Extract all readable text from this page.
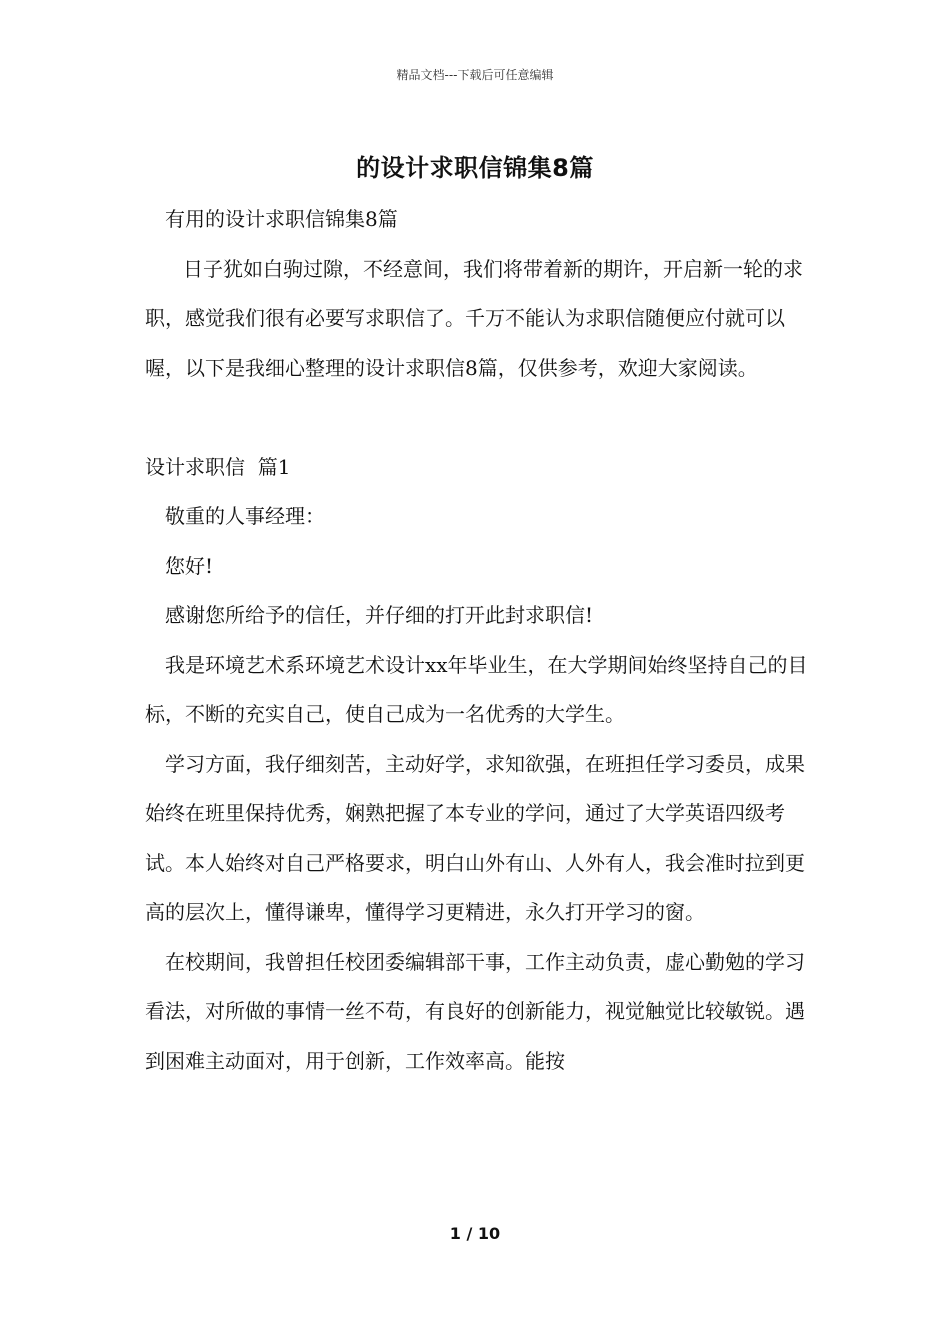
精品文档---下载后可任意编辑
的设计求职信锦集8篇

有用的设计求职信锦集8篇

日子犹如白驹过隙，不经意间，我们将带着新的期许，开启新一轮的求职，感觉我们很有必要写求职信了。千万不能认为求职信随便应付就可以喔，以下是我细心整理的设计求职信8篇，仅供参考，欢迎大家阅读。

设计求职信  篇1

敬重的人事经理：

您好!

感谢您所给予的信任，并仔细的打开此封求职信!

我是环境艺术系环境艺术设计xx年毕业生，在大学期间始终坚持自己的目标，不断的充实自己，使自己成为一名优秀的大学生。

学习方面，我仔细刻苦，主动好学，求知欲强，在班担任学习委员，成果始终在班里保持优秀，娴熟把握了本专业的学问，通过了大学英语四级考试。本人始终对自己严格要求，明白山外有山、人外有人，我会准时拉到更高的层次上，懂得谦卑，懂得学习更精进，永久打开学习的窗。

在校期间，我曾担任校团委编辑部干事，工作主动负责，虚心勤勉的学习看法，对所做的事情一丝不苟，有良好的创新能力，视觉触觉比较敏锐。遇到困难主动面对，用于创新，工作效率高。能按

1 / 10
